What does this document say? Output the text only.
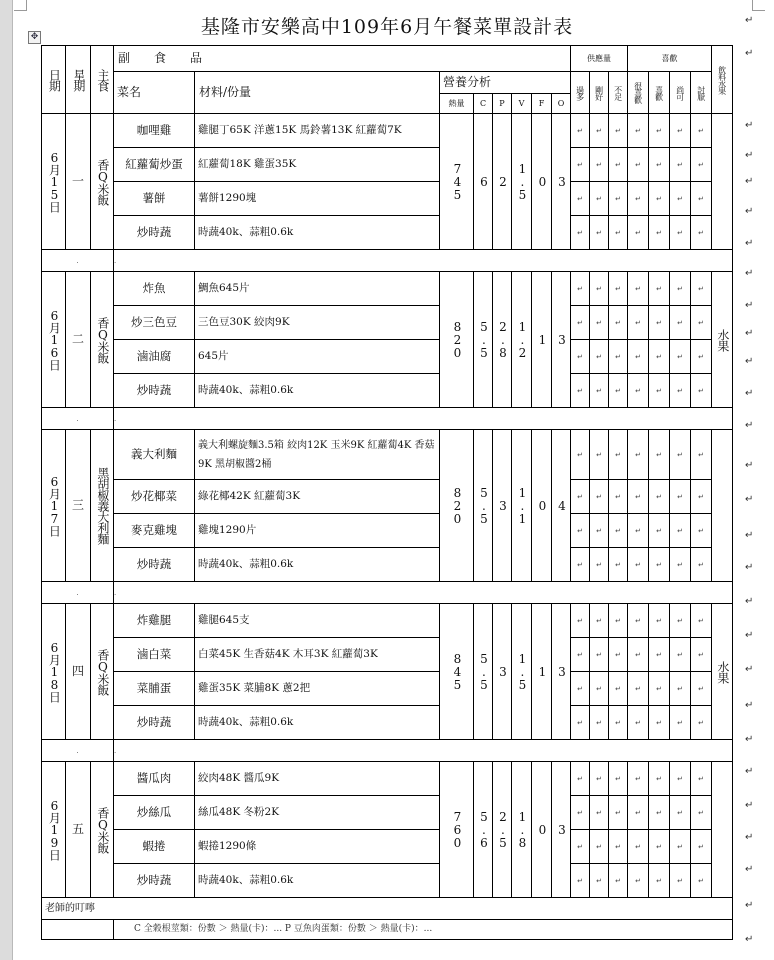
基隆市安樂高中109年6月午餐菜單設計表
✥
日期	星期	主食	副　　食　　品								供應量			喜歡				飲料水果
			菜名	材料/份量	營養分析						過多	剛好	不足	很喜歡	喜歡	尚可	討厭	
					熱量	C	P	V	F	O								
6月15日	一	香Q米飯	咖哩雞	雞腿丁65K 洋蔥15K 馬鈴薯13K 紅蘿蔔7K	745	6	2	1.5	0	3	↵	↵	↵	↵	↵	↵	↵	
			紅蘿蔔炒蛋	紅蘿蔔18K 雞蛋35K							↵	↵	↵	↵	↵	↵	↵	
			薯餅	薯餅1290塊							↵	↵	↵	↵	↵	↵	↵	
			炒時蔬	時蔬40k、蒜粗0.6k							↵	↵	↵	↵	↵	↵	↵	
.			.															
6月16日	二	香Q米飯	炸魚	鯛魚645片	820	5.5	2.8	1.2	1	3	↵	↵	↵	↵	↵	↵	↵	水果
			炒三色豆	三色豆30K 絞肉9K							↵	↵	↵	↵	↵	↵	↵	
			滷油腐	645片							↵	↵	↵	↵	↵	↵	↵	
			炒時蔬	時蔬40k、蒜粗0.6k							↵	↵	↵	↵	↵	↵	↵	
.			.															
6月17日	三	黑胡椒義大利麵	義大利麵	義大利螺旋麵3.5箱 絞肉12K 玉米9K 紅蘿蔔4K 香菇9K 黑胡椒醬2桶	820	5.5	3	1.1	0	4	↵	↵	↵	↵	↵	↵	↵	
			炒花椰菜	綠花椰42K 紅蘿蔔3K							↵	↵	↵	↵	↵	↵	↵	
			麥克雞塊	雞塊1290片							↵	↵	↵	↵	↵	↵	↵	
			炒時蔬	時蔬40k、蒜粗0.6k							↵	↵	↵	↵	↵	↵	↵	
.			.															
6月18日	四	香Q米飯	炸雞腿	雞腿645支	845	5.5	3	1.5	1	3	↵	↵	↵	↵	↵	↵	↵	水果
			滷白菜	白菜45K 生香菇4K 木耳3K 紅蘿蔔3K							↵	↵	↵	↵	↵	↵	↵	
			菜脯蛋	雞蛋35K 菜脯8K 蔥2把							↵	↵	↵	↵	↵	↵	↵	
			炒時蔬	時蔬40k、蒜粗0.6k							↵	↵	↵	↵	↵	↵	↵	
.			.															
6月19日	五	香Q米飯	醬瓜肉	絞肉48K 醬瓜9K	760	5.6	2.5	1.8	0	3	↵	↵	↵	↵	↵	↵	↵	
			炒絲瓜	絲瓜48K 冬粉2K							↵	↵	↵	↵	↵	↵	↵	
			蝦捲	蝦捲1290條							↵	↵	↵	↵	↵	↵	↵	
			炒時蔬	時蔬40k、蒜粗0.6k							↵	↵	↵	↵	↵	↵	↵	
老師的叮嚀																		
			C 全穀根莖類：份數 ＞ 熱量(卡)：... P 豆魚肉蛋類：份數 ＞ 熱量(卡)：...															
↵
↵
↵
↵
↵
↵
↵
↵
↵
↵
↵
↵
↵
↵
↵
↵
↵
↵
↵
↵
↵
↵
↵
↵
↵
↵
↵
↵
